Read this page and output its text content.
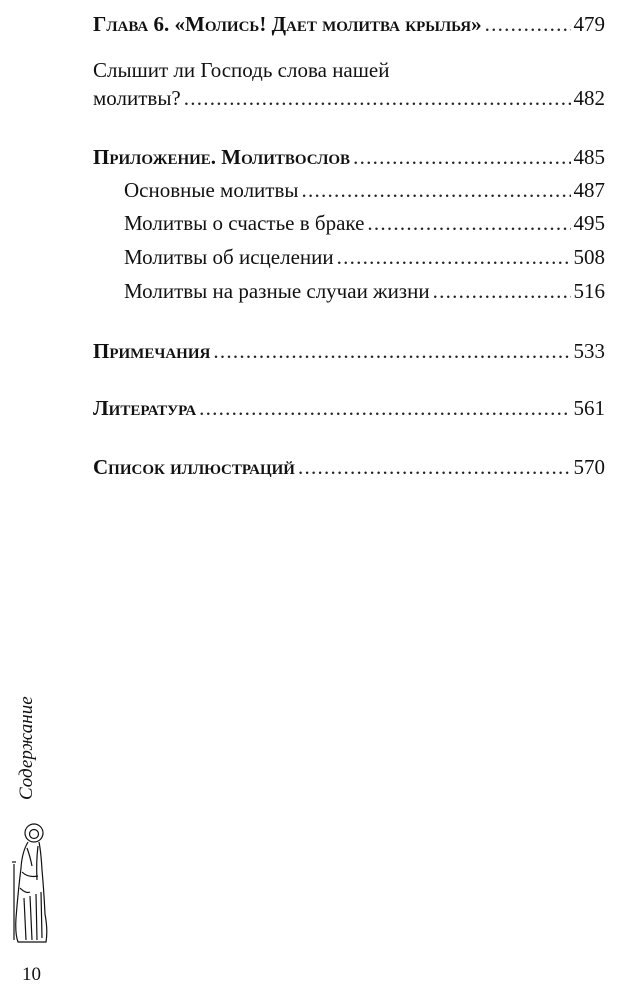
Глава 6. «Молись! Дает молитва крылья» . . .	479
Слышит ли Господь слова нашей
молитвы? . . .	482
Приложение. Молитвослов . . .	485
Основные молитвы . . .	487
Молитвы о счастье в браке . . .	495
Молитвы об исцелении . . .	508
Молитвы на разные случаи жизни . . .	516
Примечания . . .	533
Литература . . .	561
Список иллюстраций . . .	570
Содержание
10
